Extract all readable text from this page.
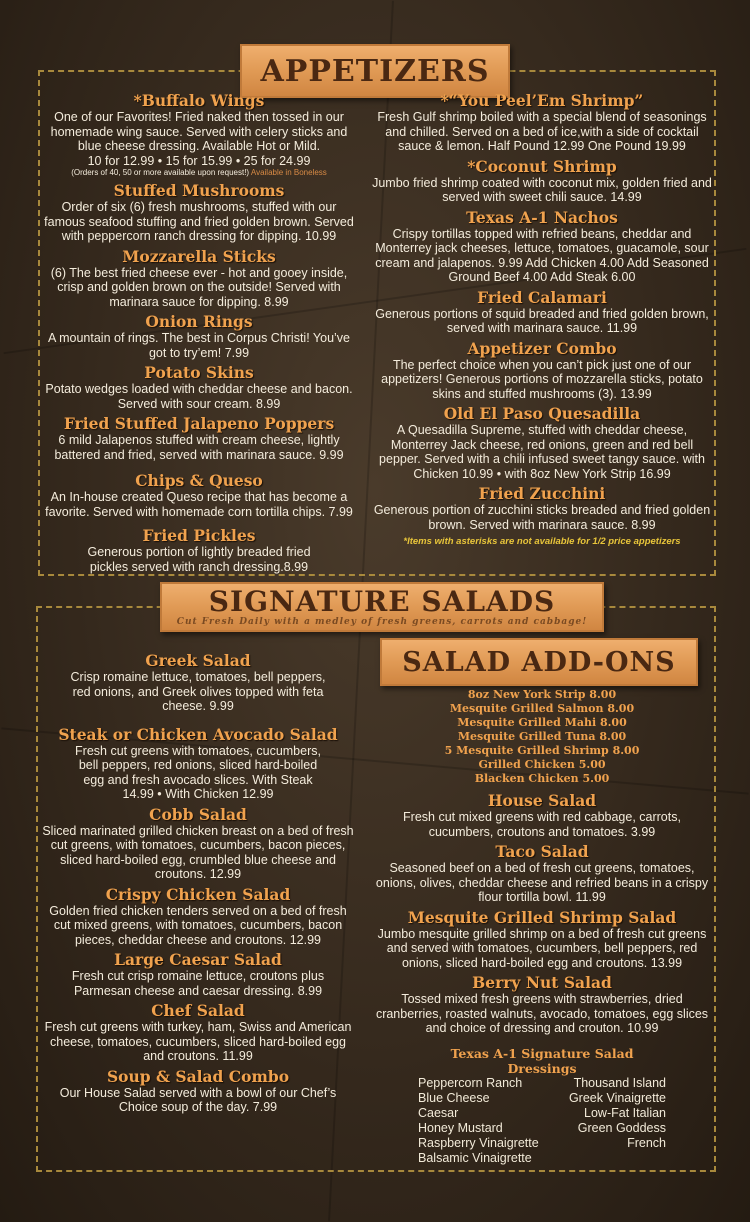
APPETIZERS
*Buffalo Wings
One of our Favorites! Fried naked then tossed in our homemade wing sauce. Served with celery sticks and blue cheese dressing. Available Hot or Mild.
10 for 12.99 • 15 for 15.99 • 25 for 24.99
(Orders of 40, 50 or more available upon request!) Available in Boneless
Stuffed Mushrooms
Order of six (6) fresh mushrooms, stuffed with our famous seafood stuffing and fried golden brown. Served with peppercorn ranch dressing for dipping. 10.99
Mozzarella Sticks
(6) The best fried cheese ever - hot and gooey inside, crisp and golden brown on the outside! Served with marinara sauce for dipping. 8.99
Onion Rings
A mountain of rings. The best in Corpus Christi! You’ve got to try’em! 7.99
Potato Skins
Potato wedges loaded with cheddar cheese and bacon. Served with sour cream. 8.99
Fried Stuffed Jalapeno Poppers
6 mild Jalapenos stuffed with cream cheese, lightly battered and fried, served with marinara sauce. 9.99
Chips & Queso
An In-house created Queso recipe that has become a favorite. Served with homemade corn tortilla chips. 7.99
Fried Pickles
Generous portion of lightly breaded fried pickles served with ranch dressing.8.99
*“You Peel’Em Shrimp”
Fresh Gulf shrimp boiled with a special blend of seasonings and chilled. Served on a bed of ice,with a side of cocktail sauce & lemon. Half Pound 12.99 One Pound 19.99
*Coconut Shrimp
Jumbo fried shrimp coated with coconut mix, golden fried and served with sweet chili sauce. 14.99
Texas A-1 Nachos
Crispy tortillas topped with refried beans, cheddar and Monterrey jack cheeses, lettuce, tomatoes, guacamole, sour cream and jalapenos. 9.99 Add Chicken 4.00 Add Seasoned Ground Beef 4.00 Add Steak 6.00
Fried Calamari
Generous portions of squid breaded and fried golden brown, served with marinara sauce. 11.99
Appetizer Combo
The perfect choice when you can’t pick just one of our appetizers! Generous portions of mozzarella sticks, potato skins and stuffed mushrooms (3). 13.99
Old El Paso Quesadilla
A Quesadilla Supreme, stuffed with cheddar cheese, Monterrey Jack cheese, red onions, green and red bell pepper. Served with a chili infused sweet tangy sauce. with Chicken 10.99 • with 8oz New York Strip 16.99
Fried Zucchini
Generous portion of zucchini sticks breaded and fried golden brown. Served with marinara sauce. 8.99
*Items with asterisks are not available for 1/2 price appetizers
SIGNATURE SALADS
Cut Fresh Daily with a medley of fresh greens, carrots and cabbage!
Greek Salad
Crisp romaine lettuce, tomatoes, bell peppers, red onions, and Greek olives topped with feta cheese. 9.99
Steak or Chicken Avocado Salad
Fresh cut greens with tomatoes, cucumbers, bell peppers, red onions, sliced hard-boiled egg and fresh avocado slices. With Steak 14.99 • With Chicken 12.99
Cobb Salad
Sliced marinated grilled chicken breast on a bed of fresh cut greens, with tomatoes, cucumbers, bacon pieces, sliced hard-boiled egg, crumbled blue cheese and croutons. 12.99
Crispy Chicken Salad
Golden fried chicken tenders served on a bed of fresh cut mixed greens, with tomatoes, cucumbers, bacon pieces, cheddar cheese and croutons. 12.99
Large Caesar Salad
Fresh cut crisp romaine lettuce, croutons plus Parmesan cheese and caesar dressing. 8.99
Chef Salad
Fresh cut greens with turkey, ham, Swiss and American cheese, tomatoes, cucumbers, sliced hard-boiled egg and croutons. 11.99
Soup & Salad Combo
Our House Salad served with a bowl of our Chef’s Choice soup of the day. 7.99
SALAD ADD-ONS
8oz New York Strip 8.00
Mesquite Grilled Salmon 8.00
Mesquite Grilled Mahi 8.00
Mesquite Grilled Tuna 8.00
5 Mesquite Grilled Shrimp 8.00
Grilled Chicken 5.00
Blacken Chicken 5.00
House Salad
Fresh cut mixed greens with red cabbage, carrots, cucumbers, croutons and tomatoes. 3.99
Taco Salad
Seasoned beef on a bed of fresh cut greens, tomatoes, onions, olives, cheddar cheese and refried beans in a crispy flour tortilla bowl. 11.99
Mesquite Grilled Shrimp Salad
Jumbo mesquite grilled shrimp on a bed of fresh cut greens and served with tomatoes, cucumbers, bell peppers, red onions, sliced hard-boiled egg and croutons. 13.99
Berry Nut Salad
Tossed mixed fresh greens with strawberries, dried cranberries, roasted walnuts, avocado, tomatoes, egg slices and choice of dressing and crouton. 10.99
Texas A-1 Signature Salad Dressings
Peppercorn Ranch
Blue Cheese
Caesar
Honey Mustard
Raspberry Vinaigrette
Balsamic Vinaigrette
Thousand Island
Greek Vinaigrette
Low-Fat Italian
Green Goddess
French
